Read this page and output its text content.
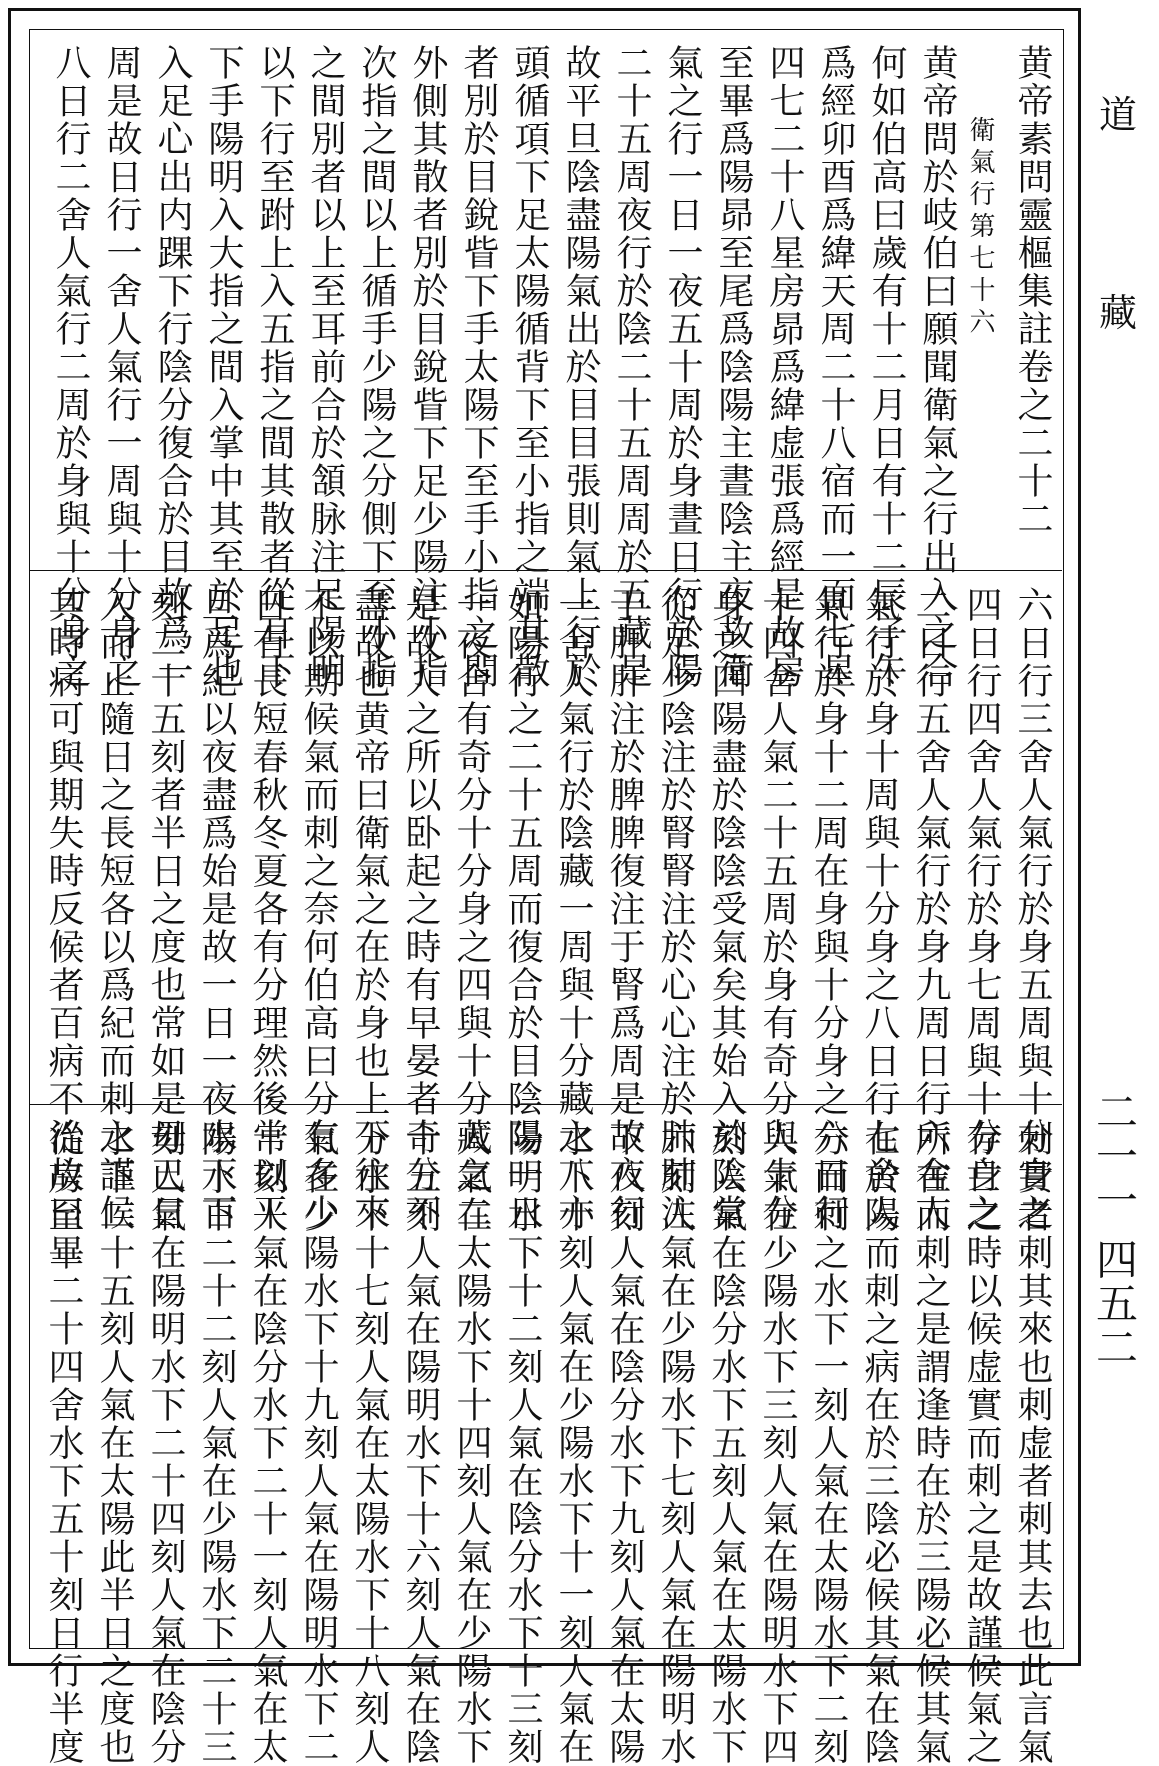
黄帝素問靈樞集註卷之二十二
衛氣行第七十六
黄帝問於岐伯曰願聞衛氣之行出入之合
何如伯高曰歲有十二月日有十二辰子午
爲經卯酉爲緯天周二十八宿而一面七星
四七二十八星房昴爲緯虚張爲經是故房
至畢爲陽昴至尾爲陰陽主晝陰主夜故衛
氣之行一日一夜五十周於身晝日行於陽
二十五周夜行於陰二十五周周於五藏是
故平旦陰盡陽氣出於目目張則氣上行於
頭循項下足太陽循背下至小指之端其散
者別於目銳眥下手太陽下至手小指之間
外側其散者別於目銳眥下足少陽注小指
次指之間以上循手少陽之分側下至小指
之間別者以上至耳前合於頷脉注足陽明
以下行至跗上入五指之間其散者從耳下
下手陽明入大指之間入掌中其至於足也
入足心出内踝下行陰分復合於目故爲一
周是故日行一舍人氣行一周與十分身之
八日行二舍人氣行二周於身與十分身之
六日行三舍人氣行於身五周與十分身之
四日行四舍人氣行於身七周與十分身之
二日行五舍人氣行於身九周日行六舍人
氣行於身十周與十分身之八日行七舍人
氣行於身十二周在身與十分身之六日行
十四舍人氣二十五周於身有奇分與十分
身之四陽盡於陰陰受氣矣其始入於陰常
從足少陰注於腎腎注於心心注於肺肺注
于肝肝注於脾脾復注于腎爲周是故夜行
一舍人氣行於陰藏一周與十分藏之八亦
如陽行之二十五周而復合於目陰陽一日
一夜合有奇分十分身之四與十分藏之二
是故人之所以卧起之時有早晏者奇分不
盡故也黄帝曰衛氣之在於身也上下往來
不以期候氣而刺之奈何伯高曰分有多少
日有長短春秋冬夏各有分理然後常以平
旦爲紀以夜盡爲始是故一日一夜水下百
刻二十五刻者半日之度也常如是毋已日
入而止隨日之長短各以爲紀而刺之謹候
其時病可與期失時反候者百病不治故曰
刺實者刺其來也刺虚者刺其去也此言氣
存亡之時以候虚實而刺之是故謹候氣之
所在而刺之是謂逢時在於三陽必候其氣
在於陽而刺之病在於三陰必候其氣在陰
分而刺之水下一刻人氣在太陽水下二刻
人氣在少陽水下三刻人氣在陽明水下四
刻人氣在陰分水下五刻人氣在太陽水下
六刻人氣在少陽水下七刻人氣在陽明水
下八刻人氣在陰分水下九刻人氣在太陽
水下十刻人氣在少陽水下十一刻人氣在
陽明水下十二刻人氣在陰分水下十三刻
人氣在太陽水下十四刻人氣在少陽水下
十五刻人氣在陽明水下十六刻人氣在陰
分水下十七刻人氣在太陽水下十八刻人
氣在少陽水下十九刻人氣在陽明水下二
十刻人氣在陰分水下二十一刻人氣在太
陽水下二十二刻人氣在少陽水下二十三
刻人氣在陽明水下二十四刻人氣在陰分
水下二十五刻人氣在太陽此半日之度也
從房至畢二十四舍水下五十刻日行半度
道
藏
二一一 四五二
